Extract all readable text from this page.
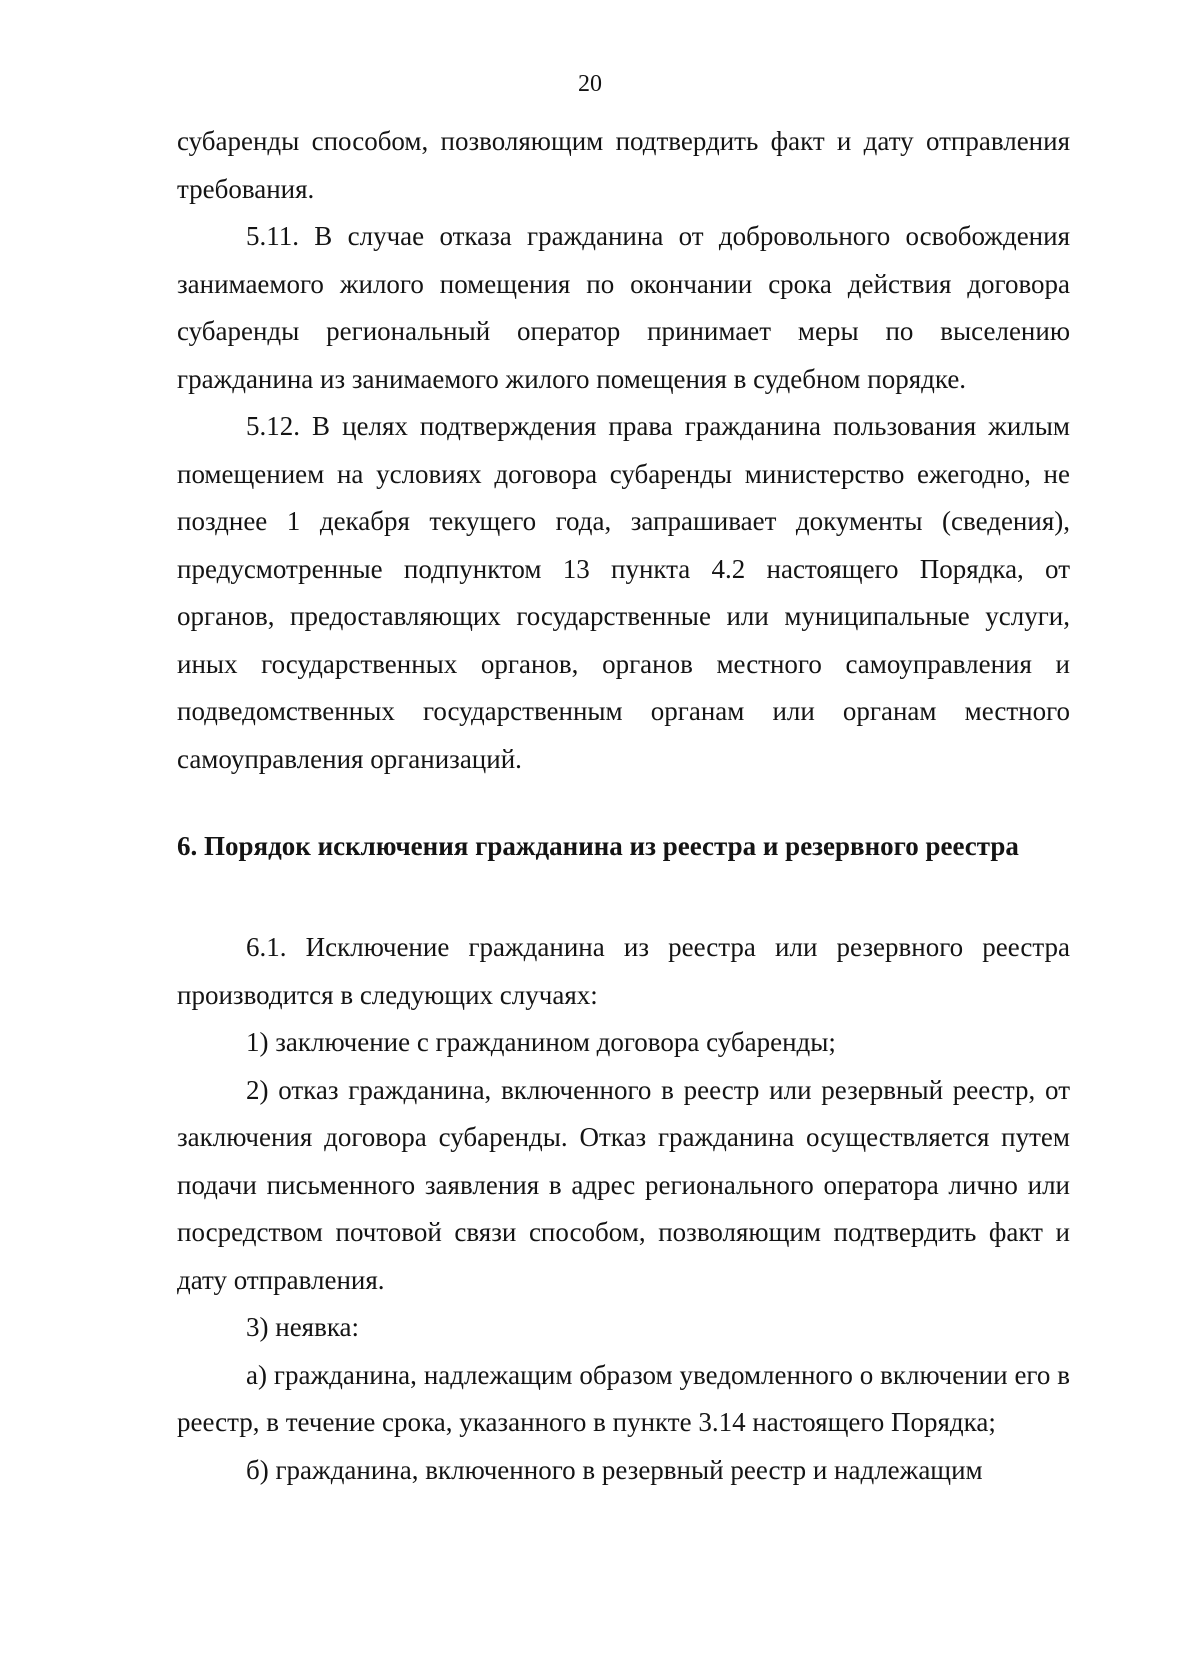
20

субаренды способом, позволяющим подтвердить факт и дату отправления требования.

5.11. В случае отказа гражданина от добровольного освобождения занимаемого жилого помещения по окончании срока действия договора субаренды региональный оператор принимает меры по выселению гражданина из занимаемого жилого помещения в судебном порядке.

5.12. В целях подтверждения права гражданина пользования жилым помещением на условиях договора субаренды министерство ежегодно, не позднее 1 декабря текущего года, запрашивает документы (сведения), предусмотренные подпунктом 13 пункта 4.2 настоящего Порядка, от органов, предоставляющих государственные или муниципальные услуги, иных государственных органов, органов местного самоуправления и подведомственных государственным органам или органам местного самоуправления организаций.

6. Порядок исключения гражданина из реестра и резервного реестра

6.1. Исключение гражданина из реестра или резервного реестра производится в следующих случаях:

1) заключение с гражданином договора субаренды;

2) отказ гражданина, включенного в реестр или резервный реестр, от заключения договора субаренды. Отказ гражданина осуществляется путем подачи письменного заявления в адрес регионального оператора лично или посредством почтовой связи способом, позволяющим подтвердить факт и дату отправления.

3) неявка:

а) гражданина, надлежащим образом уведомленного о включении его в реестр, в течение срока, указанного в пункте 3.14 настоящего Порядка;

б) гражданина, включенного в резервный реестр и надлежащим
